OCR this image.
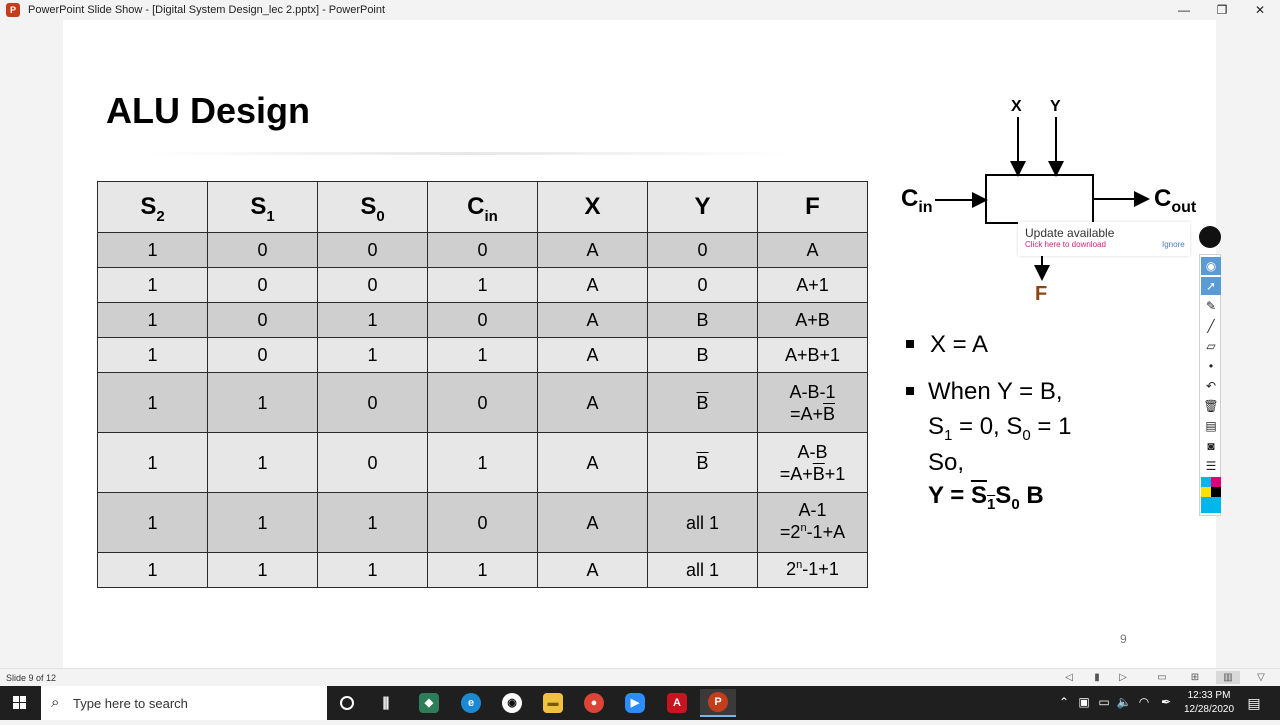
P	PowerPoint Slide Show - [Digital System Design_lec 2.pptx] - PowerPoint	—	❐	✕
ALU Design
$S_2$	$S_1$	$S_0$	$C_{in}$	X	Y	F
1	0	0	0	A	0	A
1	0	0	1	A	0	A+1
1	0	1	0	A	B	A+B
1	0	1	1	A	B	A+B+1
1	1	0	0	A	$\overline{B}$	A-B-1
$=A+\overline{B}$

1	1	0	1	A	$\overline{B}$	A-B
$=A+\overline{B}+1$

1	1	1	0	A	all 1	A-1
$=2^n-1+A$

1	1	1	1	A	all 1	$2^n-1+1$
9
X Y
$C_{in}$	$C_{out}$
F
Update available
Click here to download	Ignore
X = A
When Y = B,
$S_1 = 0$, $S_0 = 1$
So,
$Y = \overline{S}_1S_0$ B
◉
➚
✎
╱
▱
•
↶
🗑
▤
◙
☰
Slide 9 of 12	◁	▮	▷	▭ ⊞	▥	▽
⌕ Type here to search	⫼	◆	e	◉	▬	●	▶	A	P	⌃ ▣ ▭ 🔈 ◠ ✒	12:33 PM
12/28/2020 ▤
